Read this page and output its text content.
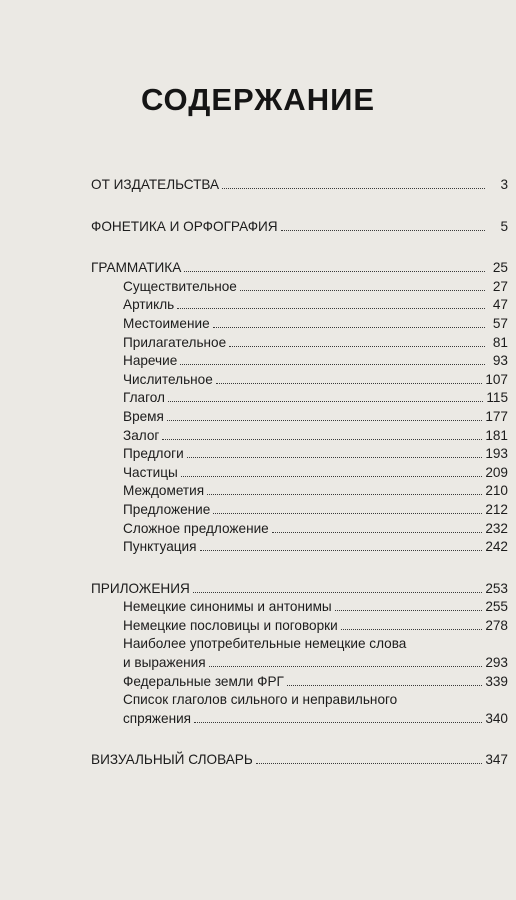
СОДЕРЖАНИЕ
ОТ ИЗДАТЕЛЬСТВА	3
ФОНЕТИКА И ОРФОГРАФИЯ	5
ГРАММАТИКА	25
Существительное	27
Артикль	47
Местоимение	57
Прилагательное	81
Наречие	93
Числительное	107
Глагол	115
Время	177
Залог	181
Предлоги	193
Частицы	209
Междометия	210
Предложение	212
Сложное предложение	232
Пунктуация	242
ПРИЛОЖЕНИЯ	253
Немецкие синонимы и антонимы	255
Немецкие пословицы и поговорки	278
Наиболее употребительные немецкие слова
и выражения	293
Федеральные земли ФРГ	339
Список глаголов сильного и неправильного
спряжения	340
ВИЗУАЛЬНЫЙ СЛОВАРЬ	347
